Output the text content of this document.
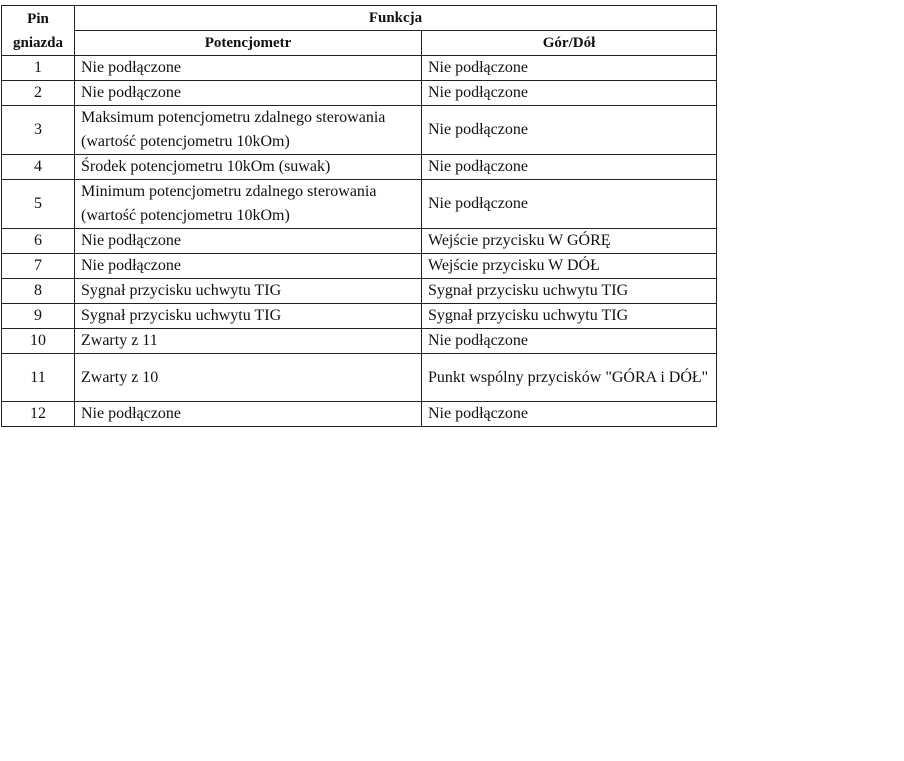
Pin gniazda	Funkcja	
	Potencjometr	Gór/Dół
1	Nie podłączone	Nie podłączone
2	Nie podłączone	Nie podłączone
3	Maksimum potencjometru zdalnego sterowania (wartość potencjometru 10kOm)	Nie podłączone
4	Środek potencjometru 10kOm (suwak)	Nie podłączone
5	Minimum potencjometru zdalnego sterowania (wartość potencjometru 10kOm)	Nie podłączone
6	Nie podłączone	Wejście przycisku W GÓRĘ
7	Nie podłączone	Wejście przycisku W DÓŁ
8	Sygnał przycisku uchwytu TIG	Sygnał przycisku uchwytu TIG
9	Sygnał przycisku uchwytu TIG	Sygnał przycisku uchwytu TIG
10	Zwarty z 11	Nie podłączone
11	Zwarty z 10	Punkt wspólny przycisków "GÓRA i DÓŁ"
12	Nie podłączone	Nie podłączone
